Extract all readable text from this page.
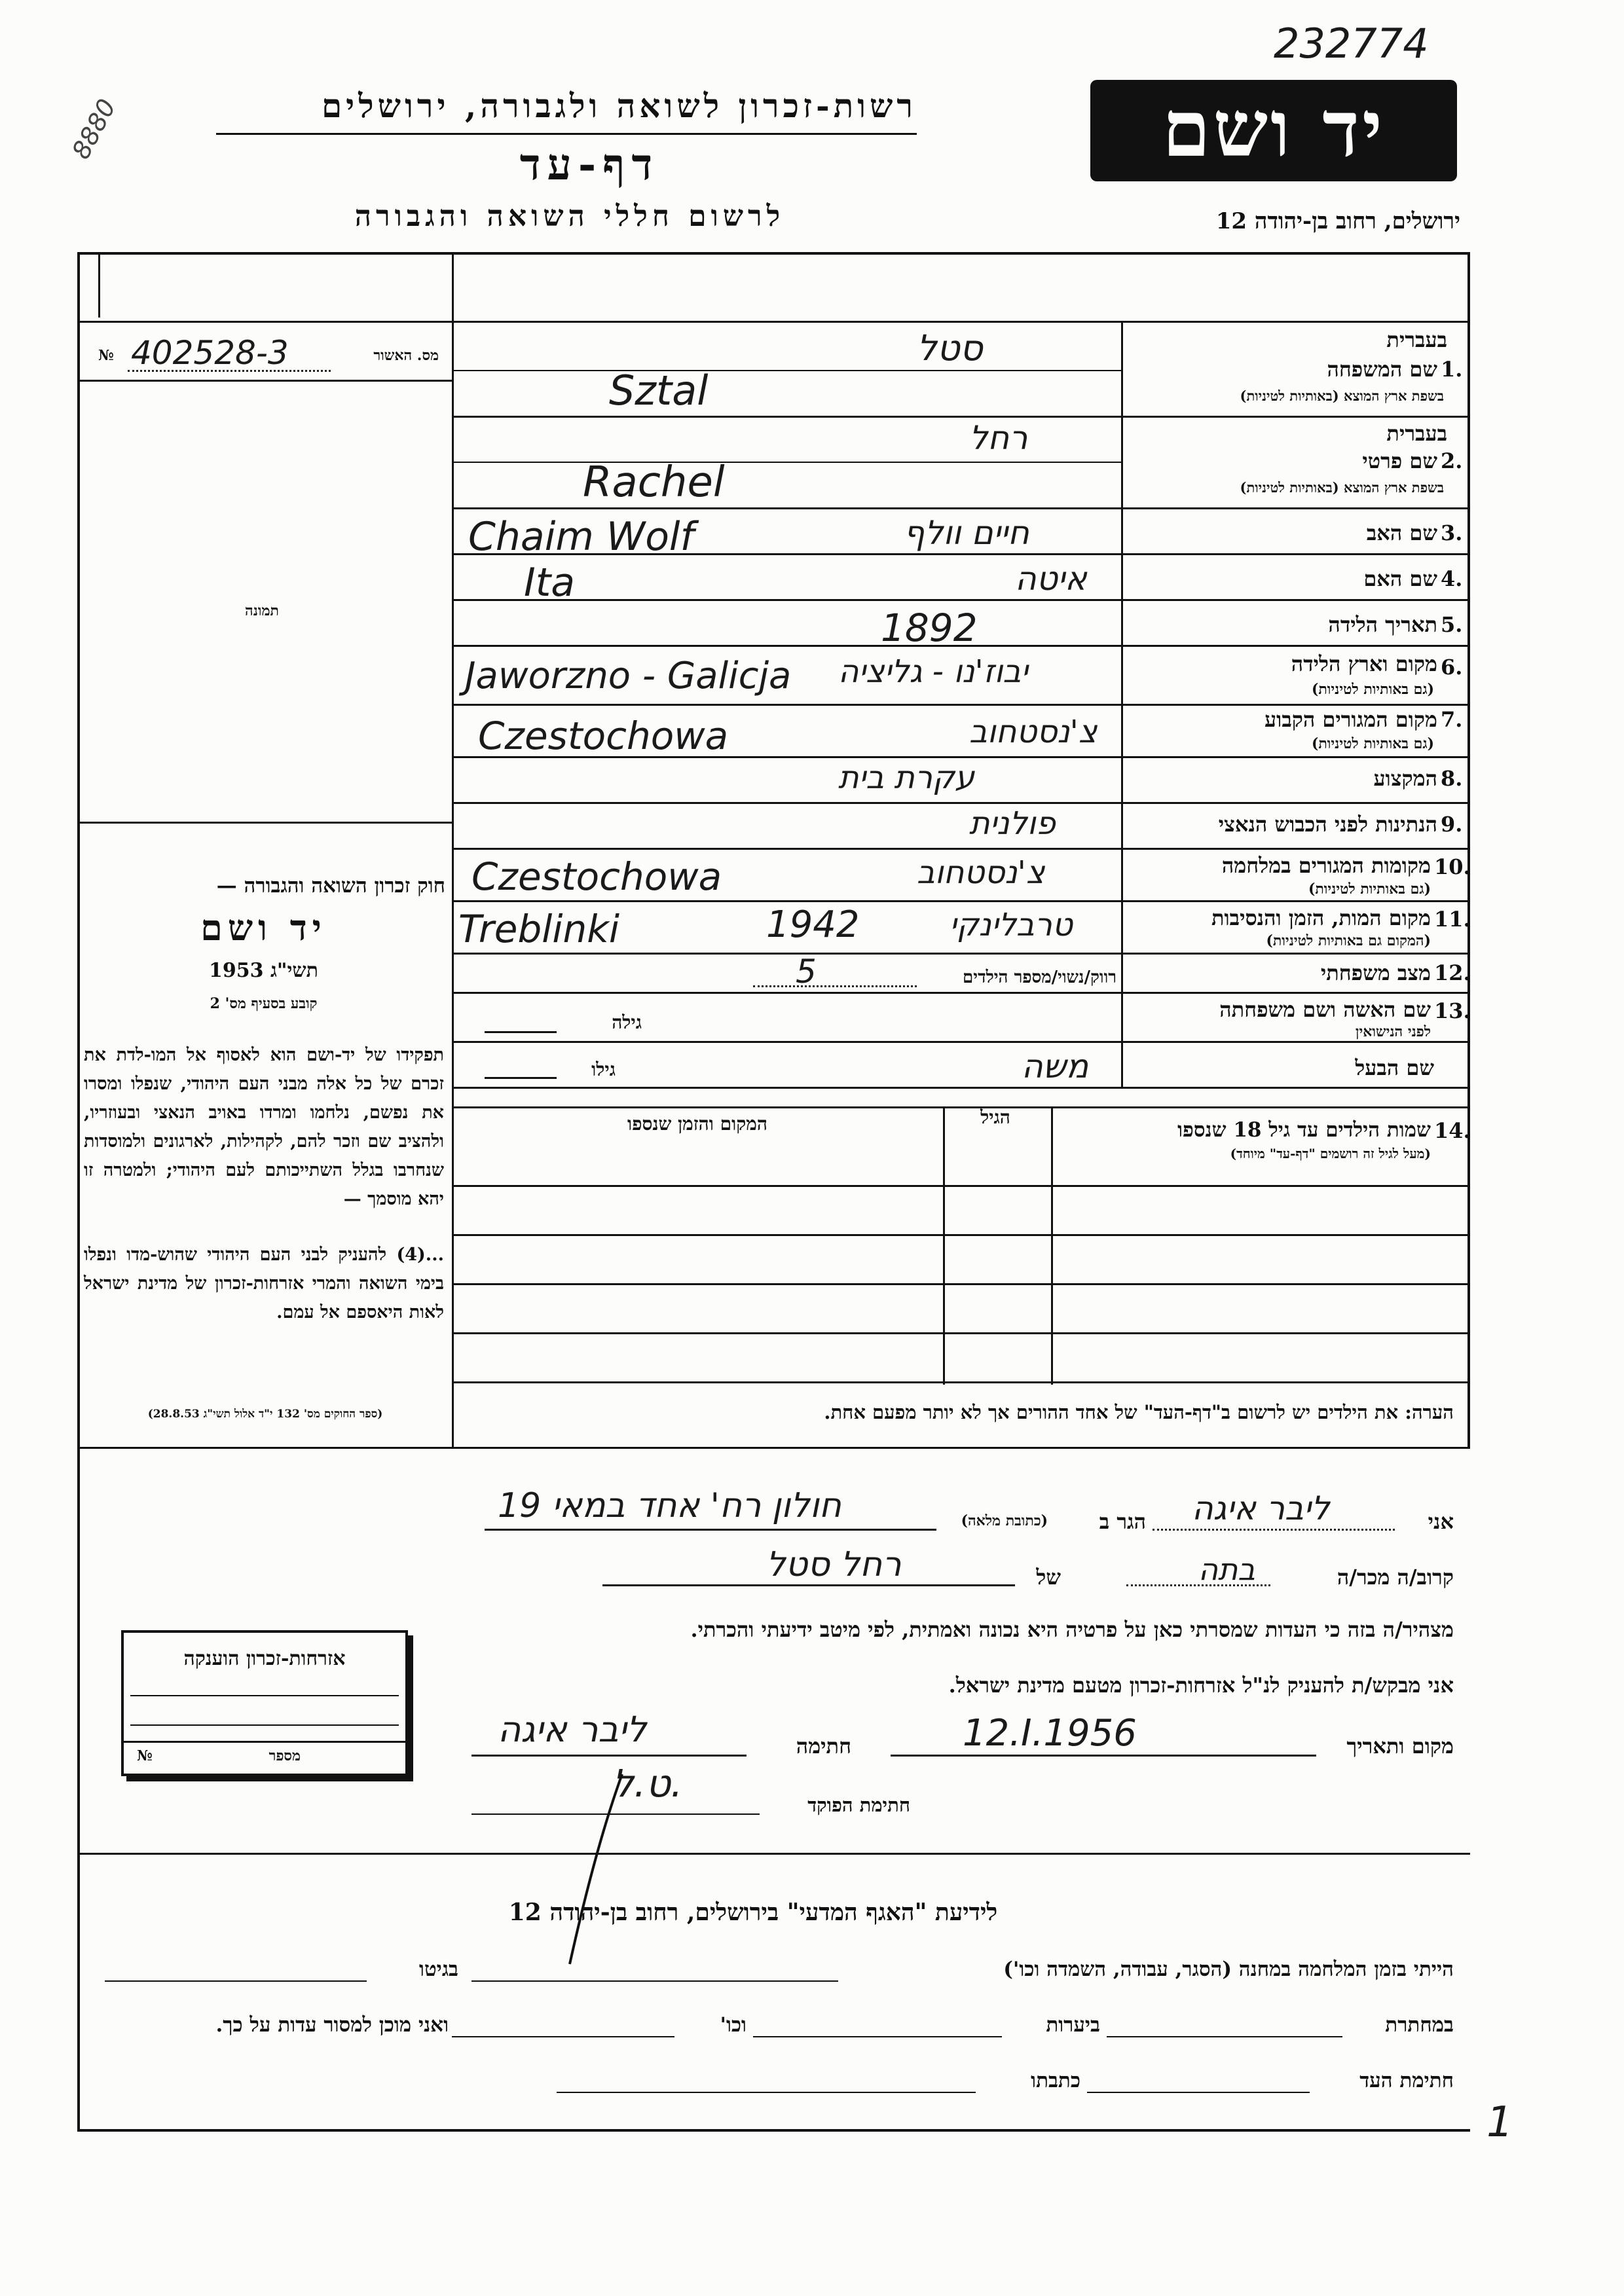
232774
8880	רשות-זכרון לשואה ולגבורה, ירושלים
דף-עד
לרשום חללי השואה והגבורה
יד ושם
ירושלים, רחוב בן-יהודה 12
מס. האשור
402528-3
№
תמונה
חוק זכרון השואה והגבורה —
יד ושם
תשי"ג 1953
קובע בסעיף מס' 2
תפקידו של יד-ושם הוא לאסוף אל המו-לדת את זכרם של כל אלה מבני העם היהודי, שנפלו ומסרו את נפשם, נלחמו ומרדו באויב הנאצי ובעוזריו, ולהציב שם וזכר להם, לקהילות, לארגונים ולמוסדות שנחרבו בגלל השתייכותם לעם היהודי; ולמטרה זו יהא מוסמך —
...(4) להעניק לבני העם היהודי שהוש-מדו ונפלו בימי השואה והמרי אזרחות-זכרון של מדינת ישראל לאות היאספם אל עמם.
(ספר החוקים מס' 132 י"ד אלול תשי"ג 28.8.53)
בעברית
1.
שם המשפחה
בשפת ארץ המוצא (באותיות לטיניות)
בעברית
2.
שם פרטי
בשפת ארץ המוצא (באותיות לטיניות)
3.
שם האב
4.
שם האם
5.
תאריך הלידה
6.
מקום וארץ הלידה
(גם באותיות לטיניות)
7.
מקום המגורים הקבוע
(גם באותיות לטיניות)
8.
המקצוע
9.
הנתינות לפני הכבוש הנאצי
10.
מקומות המגורים במלחמה
(גם באותיות לטיניות)
11.
מקום המות, הזמן והנסיבות
(המקום גם באותיות לטיניות)
12.
מצב משפחתי
13.
שם האשה ושם משפחתה
לפני הנישואין
שם הבעל
סטל
Sztal
רחל
Rachel
חיים וולף
Chaim Wolf
איטה
Ita
1892
יבוז'נו - גליציה
Jaworzno - Galicja
צ'נסטחוב
Czestochowa
עקרת בית
פולנית
צ'נסטחוב
Czestochowa
טרבלינקי
1942
Treblinki
רווק/נשוי/מספר הילדים
5
גילה
משה
גילו
14.
שמות הילדים עד גיל 18 שנספו
(מעל לגיל זה רושמים "דף-עד" מיוחד)
הגיל
המקום והזמן שנספו
הערה: את הילדים יש לרשום ב"דף-העד" של אחד ההורים אך לא יותר מפעם אחת.
אני
ליבר איגה
הגר ב
(כתובת מלאה)
חולון רח' אחד במאי 19
קרוב/ה מכר/ה
בתה
של
רחל סטל
מצהיר/ה בזה כי העדות שמסרתי כאן על פרטיה היא נכונה ואמתית, לפי מיטב ידיעתי והכרתי.
אני מבקש/ת להעניק לנ"ל אזרחות-זכרון מטעם מדינת ישראל.
מקום ותאריך
12.I.1956
חתימה
ליבר איגה
חתימת הפוקד
ט.ל.
אזרחות-זכרון הוענקה
מספר
№
לידיעת "האגף המדעי" בירושלים, רחוב בן-יהודה 12
הייתי בזמן המלחמה במחנה (הסגר, עבודה, השמדה וכו')
בגיטו
במחתרת
ביערות
וכו'
ואני מוכן למסור עדות על כך.
חתימת העד
כתבתו
1
